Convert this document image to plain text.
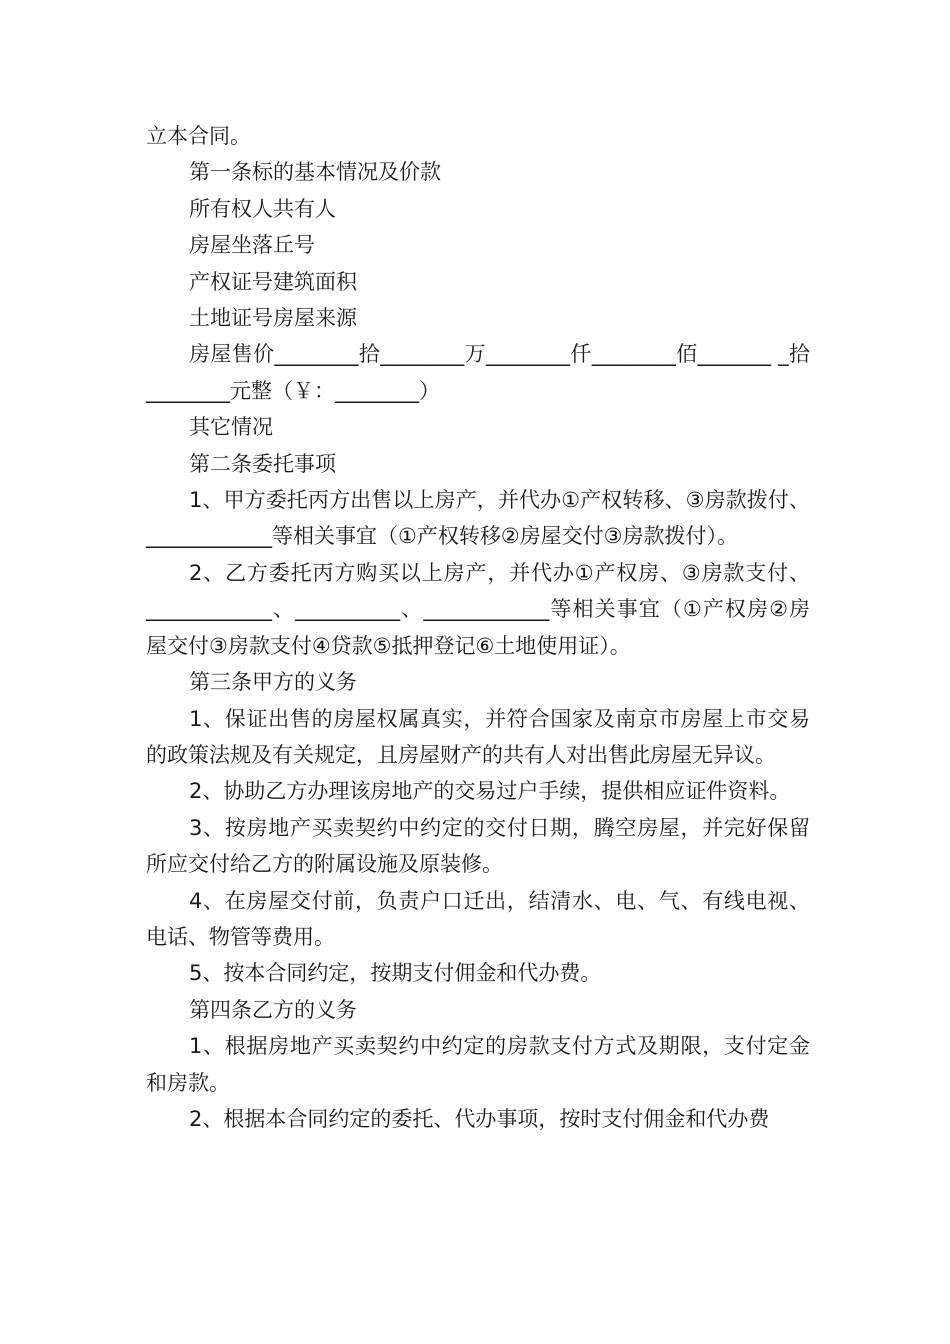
立本合同。

第一条标的基本情况及价款

所有权人共有人

房屋坐落丘号

产权证号建筑面积

土地证号房屋来源

房屋售价________拾________万________仟________佰_______ _拾________元整（￥：________）

其它情况

第二条委托事项

1、甲方委托丙方出售以上房产，并代办①产权转移、③房款拨付、____________等相关事宜（①产权转移②房屋交付③房款拨付）。

2、乙方委托丙方购买以上房产，并代办①产权房、③房款支付、____________、__________、____________等相关事宜（①产权房②房屋交付③房款支付④贷款⑤抵押登记⑥土地使用证）。

第三条甲方的义务

1、保证出售的房屋权属真实，并符合国家及南京市房屋上市交易的政策法规及有关规定，且房屋财产的共有人对出售此房屋无异议。

2、协助乙方办理该房地产的交易过户手续，提供相应证件资料。

3、按房地产买卖契约中约定的交付日期，腾空房屋，并完好保留所应交付给乙方的附属设施及原装修。

4、在房屋交付前，负责户口迁出，结清水、电、气、有线电视、电话、物管等费用。

5、按本合同约定，按期支付佣金和代办费。

第四条乙方的义务

1、根据房地产买卖契约中约定的房款支付方式及期限，支付定金和房款。

2、根据本合同约定的委托、代办事项，按时支付佣金和代办费
